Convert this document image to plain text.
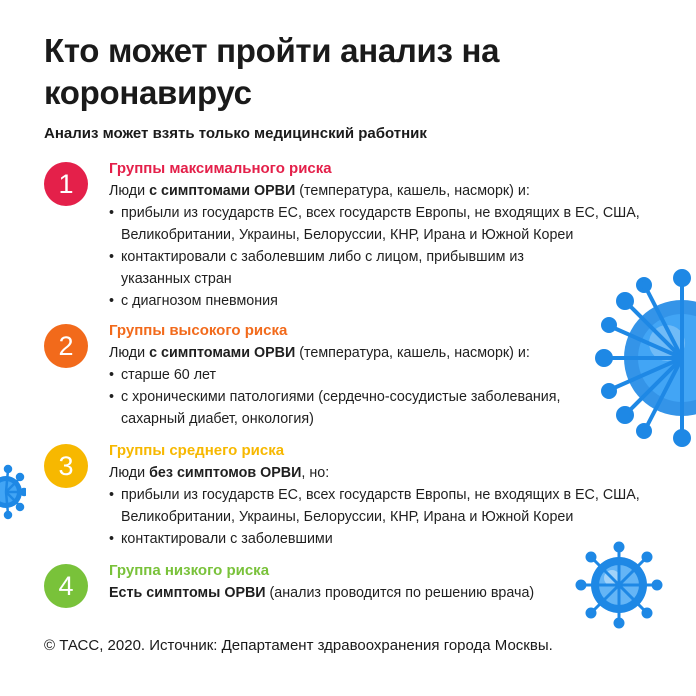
Кто может пройти анализ на коронавирус
Анализ может взять только медицинский работник
1
Группы максимального риска
Люди с симптомами ОРВИ (температура, кашель, насморк) и:
• прибыли из государств ЕС, всех государств Европы, не входящих в ЕС, США, Великобритании, Украины, Белоруссии, КНР, Ирана и Южной Кореи
• контактировали с заболевшим либо с лицом, прибывшим из указанных стран
• с диагнозом пневмония
2
Группы высокого риска
Люди с симптомами ОРВИ (температура, кашель, насморк) и:
• старше 60 лет
• с хроническими патологиями (сердечно-сосудистые заболевания, сахарный диабет, онкология)
3
Группы среднего риска
Люди без симптомов ОРВИ, но:
• прибыли из государств ЕС, всех государств Европы, не входящих в ЕС, США, Великобритании, Украины, Белоруссии, КНР, Ирана и Южной Кореи
• контактировали с заболевшими
4
Группа низкого риска
Есть симптомы ОРВИ (анализ проводится по решению врача)
© ТАСС, 2020. Источник: Департамент здравоохранения города Москвы.
